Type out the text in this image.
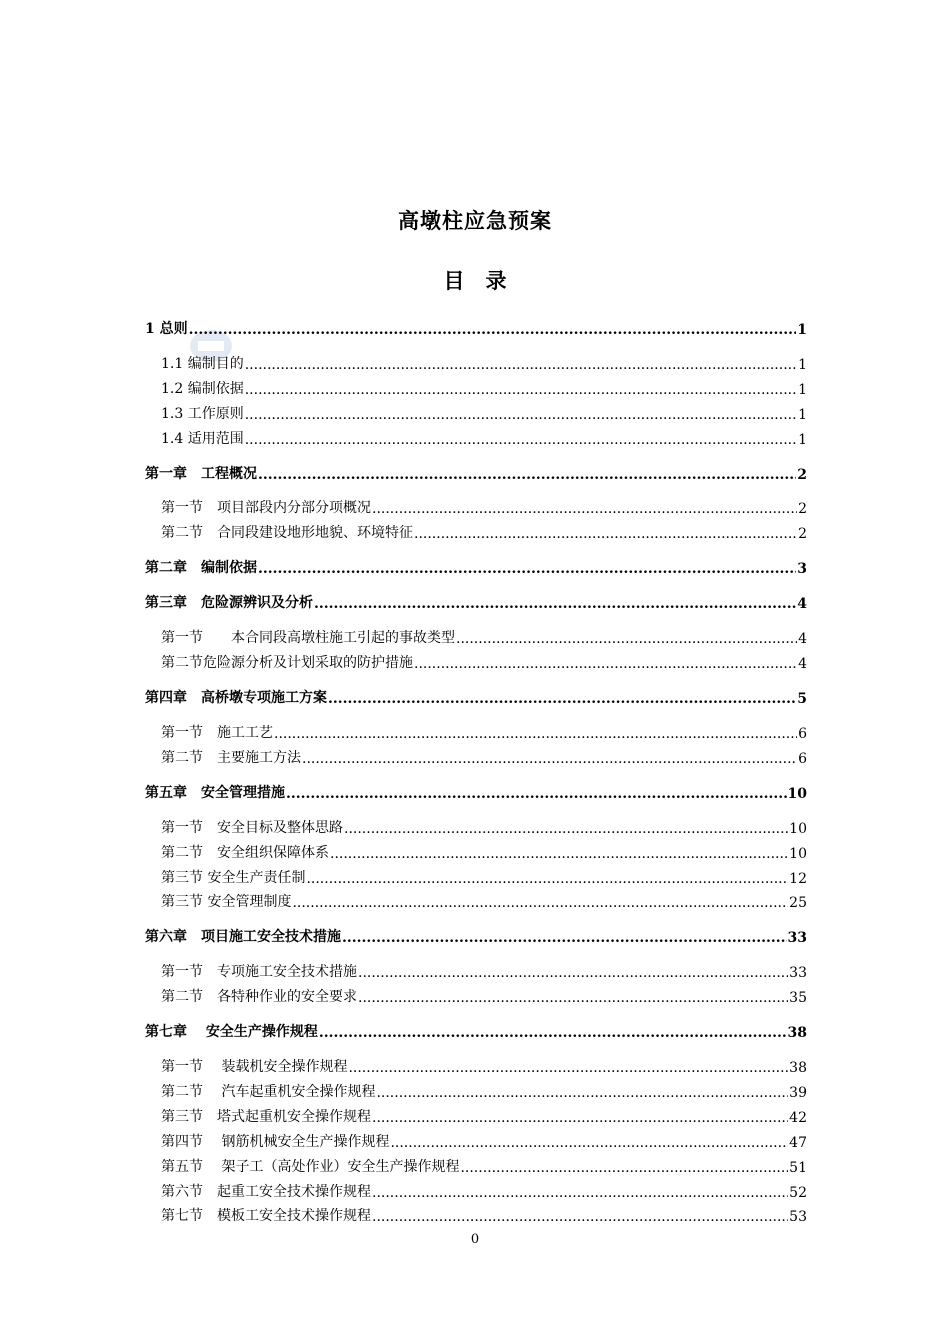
高墩柱应急预案
目　录
1 总则 .....	1
1.1 编制目的 .....	1
1.2 编制依据 .....	1
1.3 工作原则 .....	1
1.4 适用范围 .....	1
第一章　工程概况 .....	2
第一节　项目部段内分部分项概况 .....	2
第二节　合同段建设地形地貌、环境特征 .....	2
第二章　编制依据 .....	3
第三章　危险源辨识及分析 .....	4
第一节　　本合同段高墩柱施工引起的事故类型 .....	4
第二节危险源分析及计划采取的防护措施 .....	4
第四章　高桥墩专项施工方案 .....	5
第一节　施工工艺 .....	6
第二节　主要施工方法 .....	6
第五章　安全管理措施 .....	10
第一节　安全目标及整体思路 .....	10
第二节　安全组织保障体系 .....	10
第三节 安全生产责任制 .....	12
第三节 安全管理制度 .....	25
第六章　项目施工安全技术措施 .....	33
第一节　专项施工安全技术措施 .....	33
第二节　各特种作业的安全要求 .....	35
第七章　 安全生产操作规程 .....	38
第一节　 装载机安全操作规程 .....	38
第二节　 汽车起重机安全操作规程 .....	39
第三节　塔式起重机安全操作规程 .....	42
第四节　 钢筋机械安全生产操作规程 .....	47
第五节　 架子工（高处作业）安全生产操作规程 .....	51
第六节　起重工安全技术操作规程 .....	52
第七节　模板工安全技术操作规程 .....	53
0
